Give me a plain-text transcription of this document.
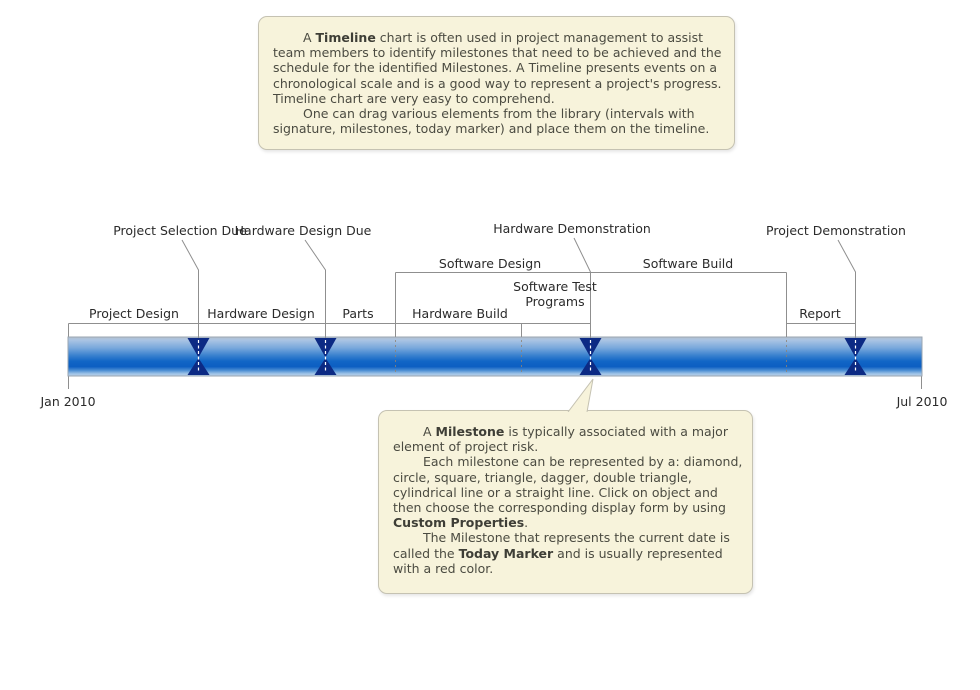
Project Selection Due
Hardware Design Due	Hardware Demonstration	Project Demonstration
Software Design	Software Build
Project Design Hardware Design Parts	Hardware Build
Software Test Programs
Report
Jan 2010	Jul 2010

A Timeline chart is often used in project management to assist team members to identify milestones that need to be achieved and the schedule for the identified Milestones. A Timeline presents events on a chronological scale and is a good way to represent a project's progress. Timeline chart are very easy to comprehend.

One can drag various elements from the library (intervals with signature, milestones, today marker) and place them on the timeline.

A Milestone is typically associated with a major element of project risk.

Each milestone can be represented by a: diamond, circle, square, triangle, dagger, double triangle, cylindrical line or a straight line. Click on object and then choose the corresponding display form by using Custom Properties.

The Milestone that represents the current date is called the Today Marker and is usually represented with a red color.
